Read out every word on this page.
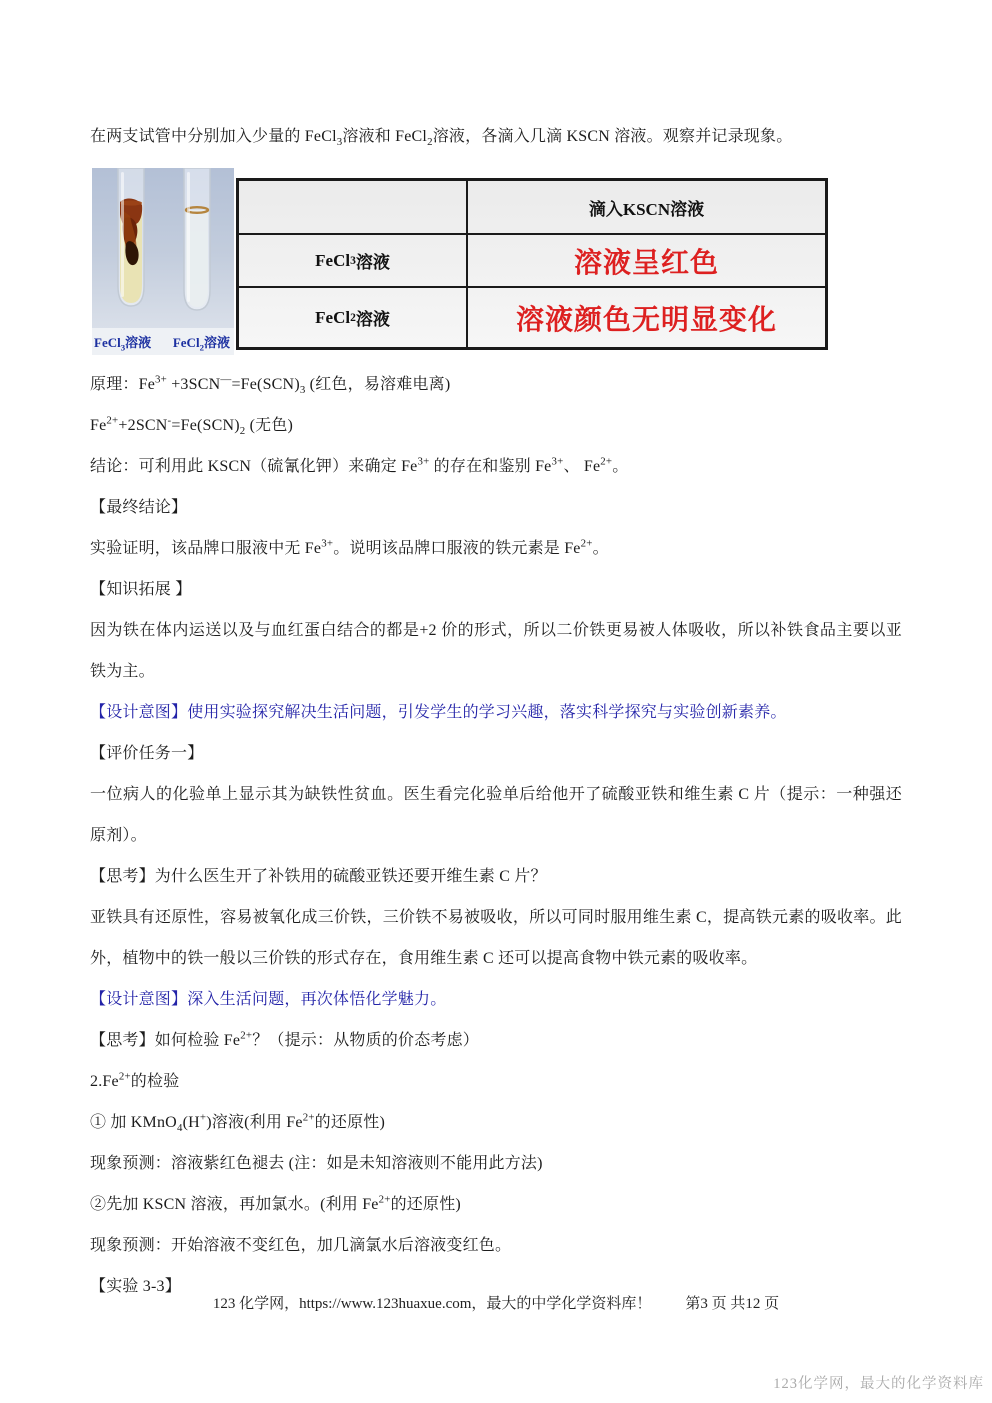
在两支试管中分别加入少量的 FeCl$_3$溶液和 FeCl$_2$溶液，各滴入几滴 KSCN 溶液。观察并记录现象。

FeCl$_3$溶液 FeCl$_2$溶液
滴入KSCN溶液
FeCl 3 溶液	溶液呈红色
FeCl 2 溶液	溶液颜色无明显变化

原理：$Fe^{3+} +3SCN^—=Fe(SCN)_3$ (红色，易溶难电离)

$Fe^{2+}+2SCN^-=Fe(SCN)_2$ (无色)

结论：可利用此 KSCN（硫氰化钾）来确定 $Fe^{3+}$ 的存在和鉴别 $Fe^{3+}$、 $Fe^{2+}$。

【最终结论】

实验证明，该品牌口服液中无 $Fe^{3+}$。说明该品牌口服液的铁元素是 $Fe^{2+}$。

【知识拓展 】

因为铁在体内运送以及与血红蛋白结合的都是+2 价的形式，所以二价铁更易被人体吸收，所以补铁食品主要以亚铁为主。

【设计意图】使用实验探究解决生活问题，引发学生的学习兴趣，落实科学探究与实验创新素养。

【评价任务一】

一位病人的化验单上显示其为缺铁性贫血。医生看完化验单后给他开了硫酸亚铁和维生素 C 片（提示：一种强还原剂）。

【思考】为什么医生开了补铁用的硫酸亚铁还要开维生素 C 片？

亚铁具有还原性，容易被氧化成三价铁，三价铁不易被吸收，所以可同时服用维生素 C，提高铁元素的吸收率。此外，植物中的铁一般以三价铁的形式存在，食用维生素 C 还可以提高食物中铁元素的吸收率。

【设计意图】深入生活问题，再次体悟化学魅力。

【思考】如何检验 $Fe^{2+}$？（提示：从物质的价态考虑）

$2.Fe^{2+}$的检验

① 加 KMnO$_4$(H+)溶液(利用 $Fe^{2+}$的还原性)

现象预测：溶液紫红色褪去 (注：如是未知溶液则不能用此方法)

②先加 KSCN 溶液，再加氯水。(利用 $Fe^{2+}$的还原性)

现象预测：开始溶液不变红色，加几滴氯水后溶液变红色。

【实验 3-3】

123 化学网，https://www.123huaxue.com，最大的中学化学资料库！ 第3 页 共12 页
123化学网，最大的化学资料库
